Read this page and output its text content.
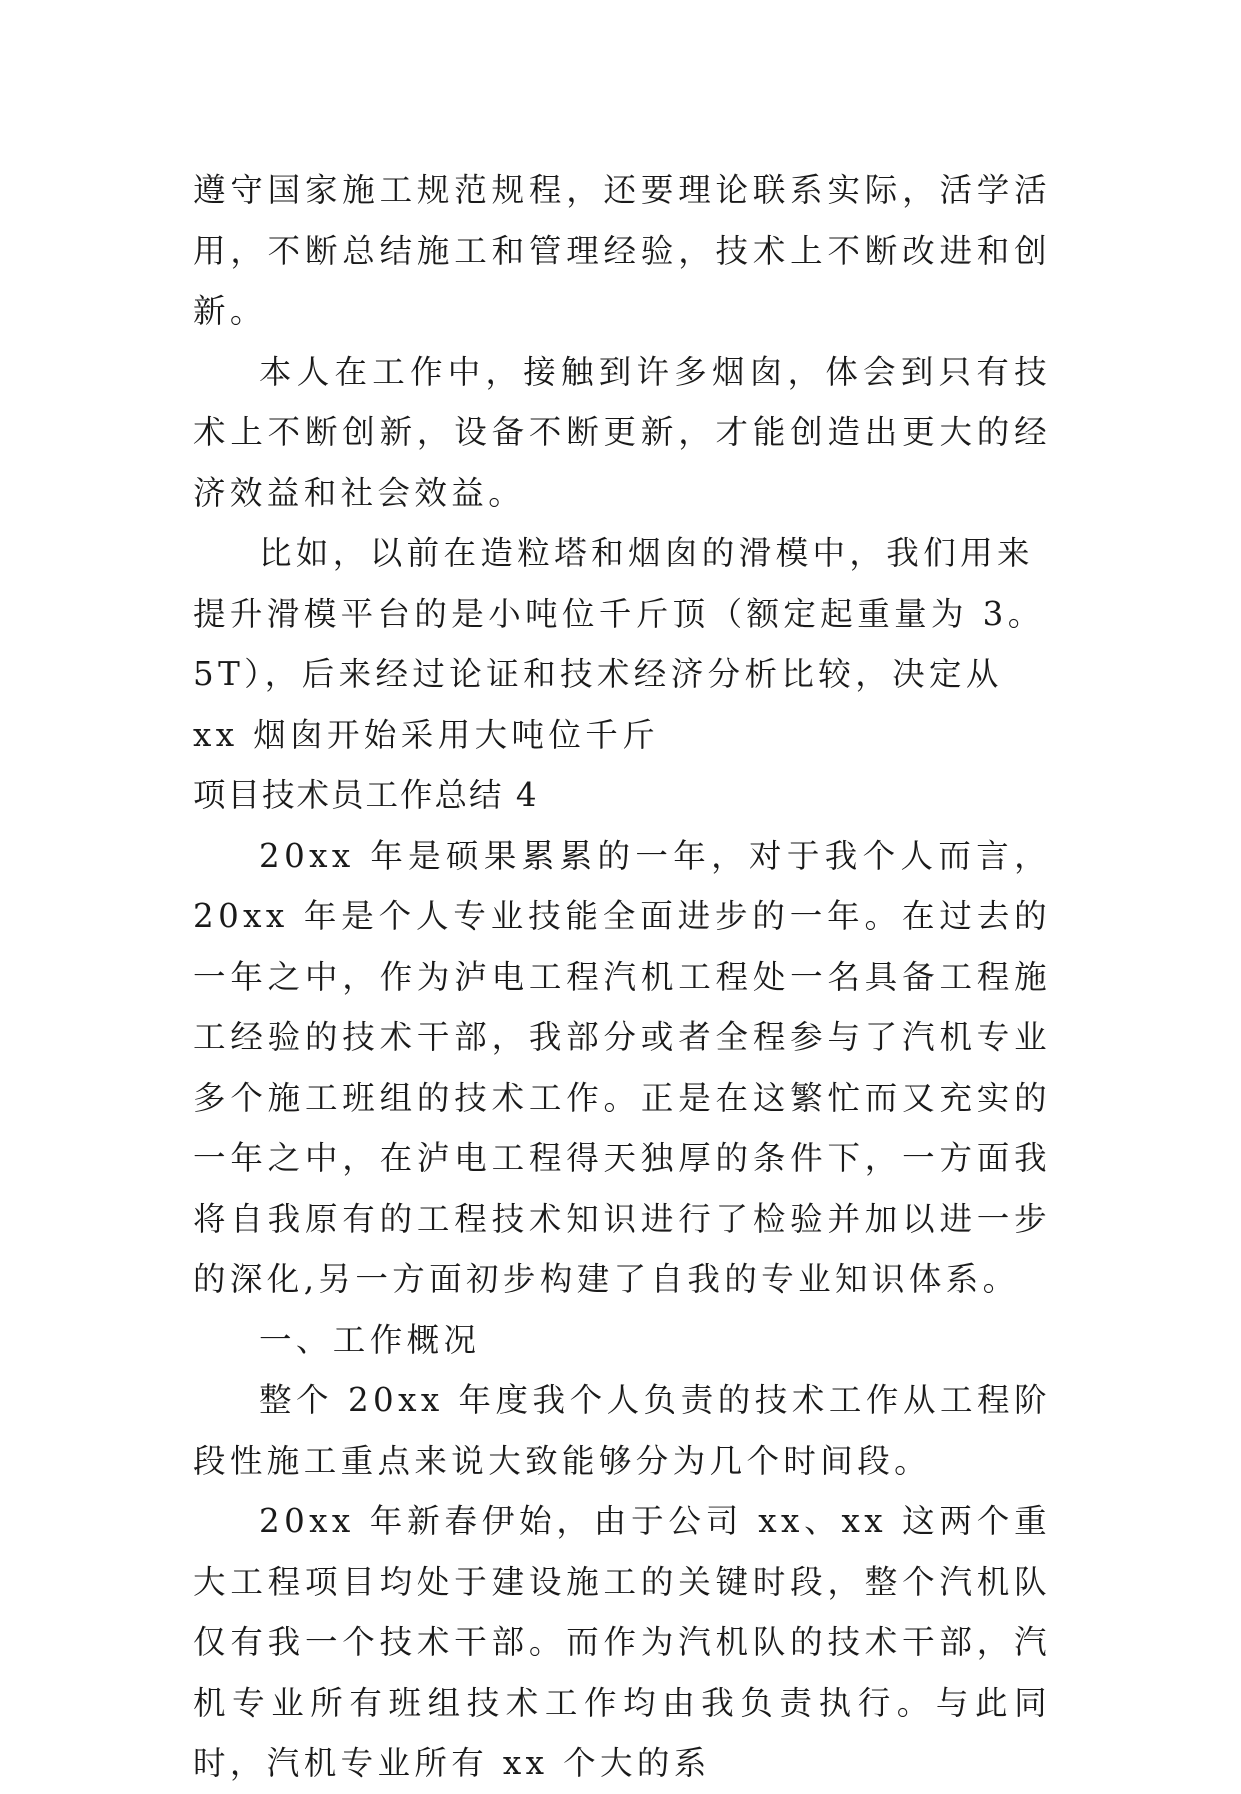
遵守国家施工规范规程，还要理论联系实际，活学活用，不断总结施工和管理经验，技术上不断改进和创新。

本人在工作中，接触到许多烟囱，体会到只有技术上不断创新，设备不断更新，才能创造出更大的经济效益和社会效益。

比如，以前在造粒塔和烟囱的滑模中，我们用来提升滑模平台的是小吨位千斤顶（额定起重量为 3。5T），后来经过论证和技术经济分析比较，决定从 xx 烟囱开始采用大吨位千斤

项目技术员工作总结 4

20xx 年是硕果累累的一年，对于我个人而言，20xx 年是个人专业技能全面进步的一年。在过去的一年之中，作为泸电工程汽机工程处一名具备工程施工经验的技术干部，我部分或者全程参与了汽机专业多个施工班组的技术工作。正是在这繁忙而又充实的一年之中，在泸电工程得天独厚的条件下，一方面我将自我原有的工程技术知识进行了检验并加以进一步的深化,另一方面初步构建了自我的专业知识体系。

一、工作概况

整个 20xx 年度我个人负责的技术工作从工程阶段性施工重点来说大致能够分为几个时间段。

20xx 年新春伊始，由于公司 xx、xx 这两个重大工程项目均处于建设施工的关键时段，整个汽机队仅有我一个技术干部。而作为汽机队的技术干部，汽机专业所有班组技术工作均由我负责执行。与此同时，汽机专业所有 xx 个大的系
